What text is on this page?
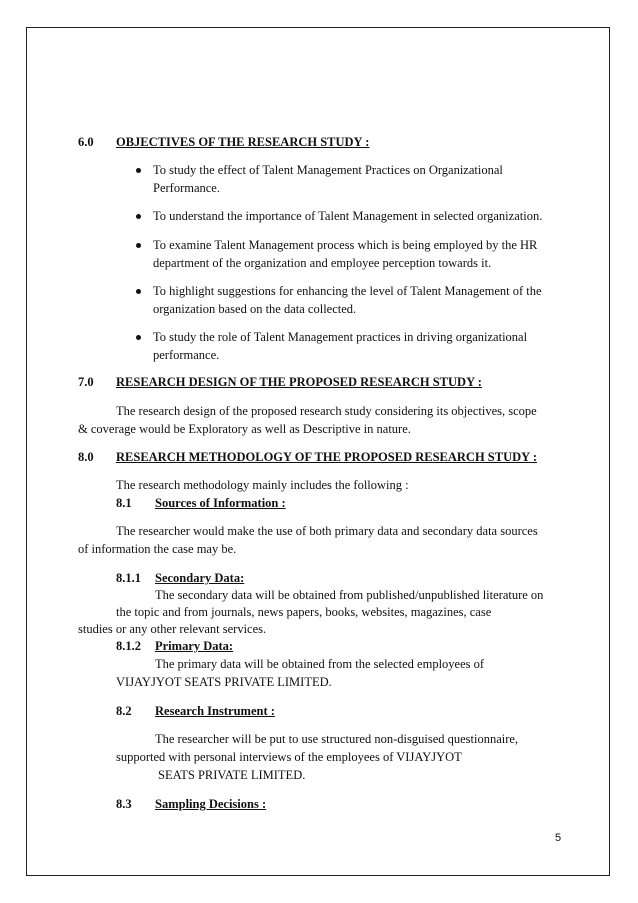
6.0 OBJECTIVES OF THE RESEARCH STUDY :

To study the effect of Talent Management Practices on Organizational

Performance.

To understand the importance of Talent Management in selected organization.

To examine Talent Management process which is being employed by the HR

department of the organization and employee perception towards it.

To highlight suggestions for enhancing the level of Talent Management of the

organization based on the data collected.

To study the role of Talent Management practices in driving organizational

performance.

7.0 RESEARCH DESIGN OF THE PROPOSED RESEARCH STUDY :

The research design of the proposed research study considering its objectives, scope

& coverage would be Exploratory as well as Descriptive in nature.

8.0 RESEARCH METHODOLOGY OF THE PROPOSED RESEARCH STUDY :

The research methodology mainly includes the following :

8.1 Sources of Information :

The researcher would make the use of both primary data and secondary data sources

of information the case may be.

8.1.1 Secondary Data:

The secondary data will be obtained from published/unpublished literature on

the topic and from journals, news papers, books, websites, magazines, case

studies or any other relevant services.

8.1.2 Primary Data:

The primary data will be obtained from the selected employees of

VIJAYJYOT SEATS PRIVATE LIMITED.

8.2 Research Instrument :

The researcher will be put to use structured non-disguised questionnaire,

supported with personal interviews of the employees of VIJAYJYOT

SEATS PRIVATE LIMITED.

8.3 Sampling Decisions :

5
